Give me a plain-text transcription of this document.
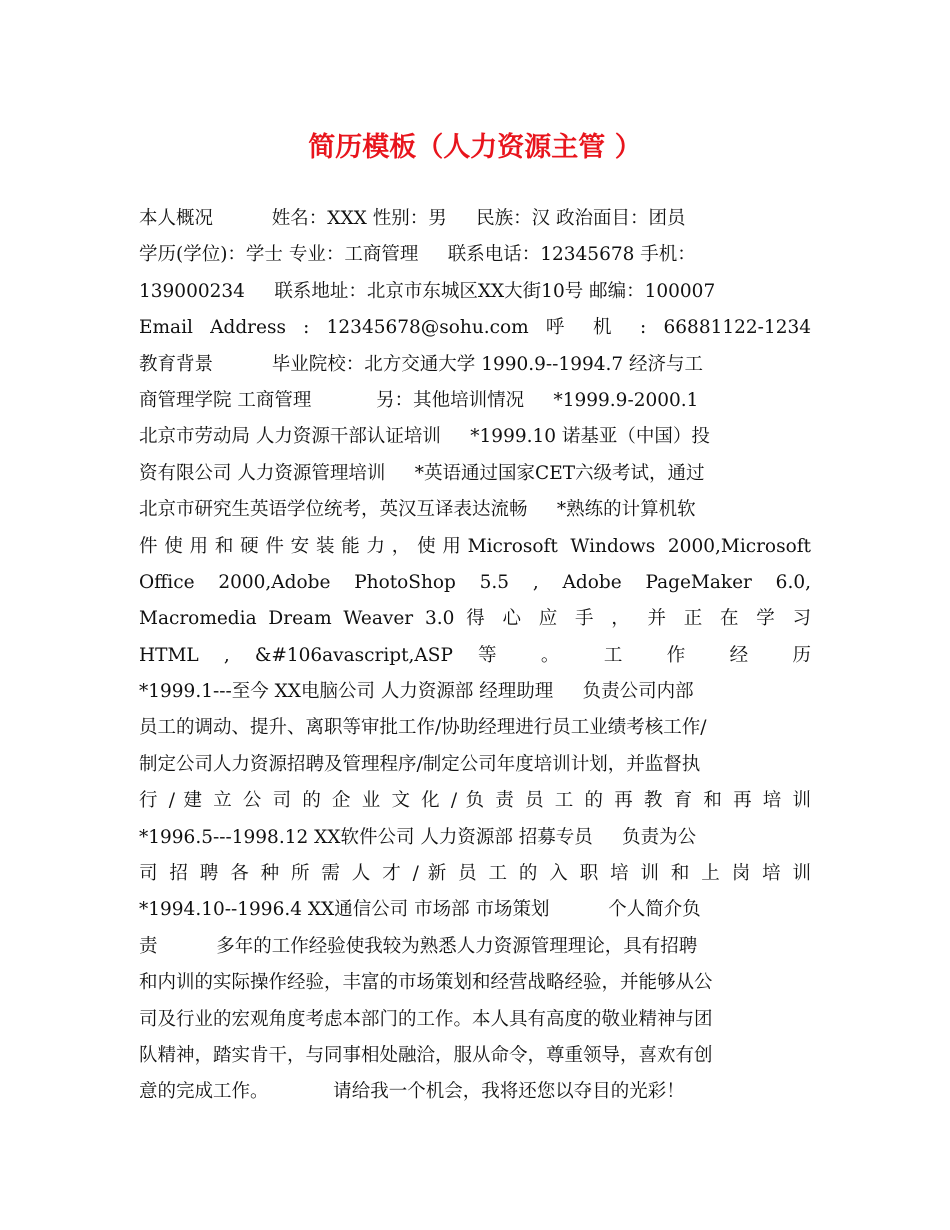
简历模板（人力资源主管 ）
本人概况          姓名：XXX 性别：男     民族：汉 政治面目：团员
学历(学位)：学士 专业：工商管理     联系电话：12345678 手机：
139000234     联系地址：北京市东城区XX大街10号 邮编：100007
Email Address : 12345678@sohu.com 呼 机 : 66881122-1234
教育背景          毕业院校：北方交通大学 1990.9--1994.7 经济与工
商管理学院 工商管理           另：其他培训情况     *1999.9-2000.1
北京市劳动局 人力资源干部认证培训     *1999.10 诺基亚（中国）投
资有限公司 人力资源管理培训     *英语通过国家CET六级考试，通过
北京市研究生英语学位统考，英汉互译表达流畅     *熟练的计算机软
件使用和硬件安装能力，使用Microsoft Windows 2000,Microsoft
Office 2000,Adobe PhotoShop 5.5 , Adobe PageMaker 6.0,
Macromedia Dream Weaver 3.0 得 心 应 手 ， 并 正 在 学 习
HTML , &#106avascript,ASP 等 。 工 作 经 历
*1999.1---至今 XX电脑公司 人力资源部 经理助理     负责公司内部
员工的调动、提升、离职等审批工作/协助经理进行员工业绩考核工作/
制定公司人力资源招聘及管理程序/制定公司年度培训计划，并监督执
行 / 建 立 公 司 的 企 业 文 化 / 负 责 员 工 的 再 教 育 和 再 培 训
*1996.5---1998.12 XX软件公司 人力资源部 招募专员     负责为公
司 招 聘 各 种 所 需 人 才 / 新 员 工 的 入 职 培 训 和 上 岗 培 训
*1994.10--1996.4 XX通信公司 市场部 市场策划          个人简介负
责          多年的工作经验使我较为熟悉人力资源管理理论，具有招聘
和内训的实际操作经验，丰富的市场策划和经营战略经验，并能够从公
司及行业的宏观角度考虑本部门的工作。本人具有高度的敬业精神与团
队精神，踏实肯干，与同事相处融洽，服从命令，尊重领导，喜欢有创
意的完成工作。           请给我一个机会，我将还您以夺目的光彩！
